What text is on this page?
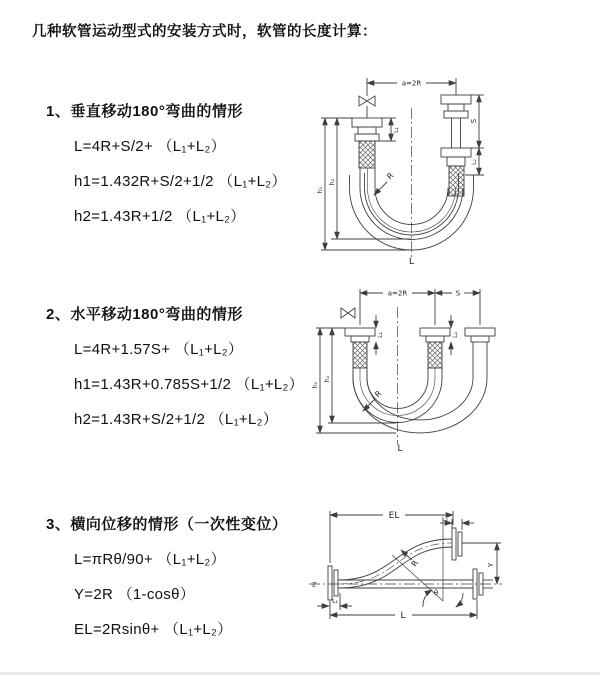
几种软管运动型式的安装方式时，软管的长度计算：
1、垂直移动180°弯曲的情形
L=4R+S/2+ （L₁+L₂）
h1=1.432R+S/2+1/2 （L₁+L₂）
h2=1.43R+1/2 （L₁+L₂）
2、水平移动180°弯曲的情形
L=4R+1.57S+ （L₁+L₂）
h1=1.43R+0.785S+1/2 （L₁+L₂）
h2=1.43R+S/2+1/2 （L₁+L₂）
3、横向位移的情形（一次性变位）
L=πRθ/90+ （L₁+L₂）
Y=2R （1-cosθ）
EL=2Rsinθ+ （L₁+L₂）
a=2R
S
L₂
L₁
h₁
h₂
R
L
a=2R	S
L₁	L₂
h₁
h₂
R
L
Z
θ
R
EL	L₂
Y
L₁
L
